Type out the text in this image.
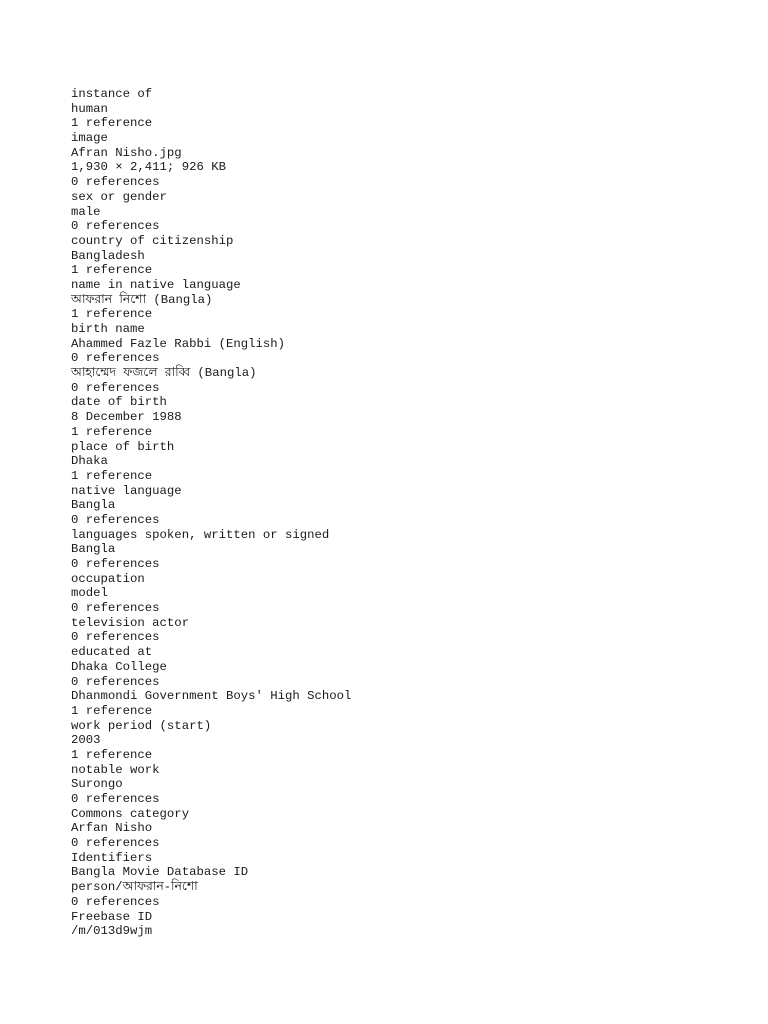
instance of
human
1 reference
image
Afran Nisho.jpg
1,930 × 2,411; 926 KB
0 references
sex or gender
male
0 references
country of citizenship
Bangladesh
1 reference
name in native language
আফরান নিশো (Bangla)
1 reference
birth name
Ahammed Fazle Rabbi (English)
0 references
আহাম্মেদ ফজলে রাব্বি (Bangla)
0 references
date of birth
8 December 1988
1 reference
place of birth
Dhaka
1 reference
native language
Bangla
0 references
languages spoken, written or signed
Bangla
0 references
occupation
model
0 references
television actor
0 references
educated at
Dhaka College
0 references
Dhanmondi Government Boys' High School
1 reference
work period (start)
2003
1 reference
notable work
Surongo
0 references
Commons category
Arfan Nisho
0 references
Identifiers
Bangla Movie Database ID
person/আফরান-নিশো
0 references
Freebase ID
/m/013d9wjm
